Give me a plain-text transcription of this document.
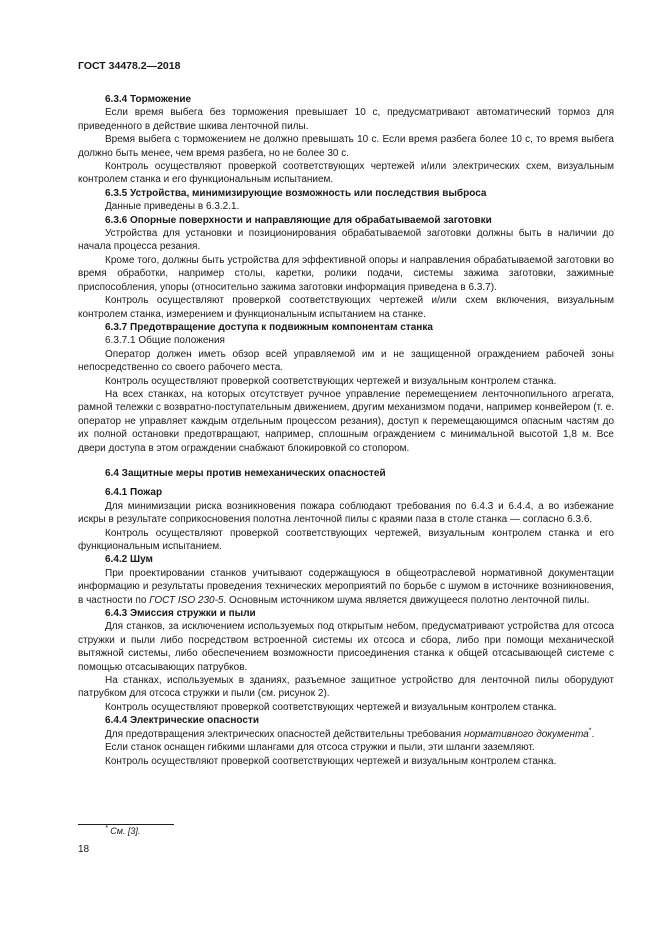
ГОСТ 34478.2—2018

6.3.4 Торможение

Если время выбега без торможения превышает 10 с, предусматривают автоматический тормоз для приведенного в действие шкива ленточной пилы.

Время выбега с торможением не должно превышать 10 с. Если время разбега более 10 с, то время выбега должно быть менее, чем время разбега, но не более 30 с.

Контроль осуществляют проверкой соответствующих чертежей и/или электрических схем, визуальным контролем станка и его функциональным испытанием.

6.3.5 Устройства, минимизирующие возможность или последствия выброса

Данные приведены в 6.3.2.1.

6.3.6 Опорные поверхности и направляющие для обрабатываемой заготовки

Устройства для установки и позиционирования обрабатываемой заготовки должны быть в наличии до начала процесса резания.

Кроме того, должны быть устройства для эффективной опоры и направления обрабатываемой заготовки во время обработки, например столы, каретки, ролики подачи, системы зажима заготовки, зажимные приспособления, упоры (относительно зажима заготовки информация приведена в 6.3.7).

Контроль осуществляют проверкой соответствующих чертежей и/или схем включения, визуальным контролем станка, измерением и функциональным испытанием на станке.

6.3.7 Предотвращение доступа к подвижным компонентам станка

6.3.7.1 Общие положения

Оператор должен иметь обзор всей управляемой им и не защищенной ограждением рабочей зоны непосредственно со своего рабочего места.

Контроль осуществляют проверкой соответствующих чертежей и визуальным контролем станка.

На всех станках, на которых отсутствует ручное управление перемещением ленточнопильного агрегата, рамной тележки с возвратно-поступательным движением, другим механизмом подачи, например конвейером (т. е. оператор не управляет каждым отдельным процессом резания), доступ к перемещающимся опасным частям до их полной остановки предотвращают, например, сплошным ограждением с минимальной высотой 1,8 м. Все двери доступа в этом ограждении снабжают блокировкой со стопором.

6.4 Защитные меры против немеханических опасностей

6.4.1 Пожар

Для минимизации риска возникновения пожара соблюдают требования по 6.4.3 и 6.4.4, а во избежание искры в результате соприкосновения полотна ленточной пилы с краями паза в столе станка — согласно 6.3.6.

Контроль осуществляют проверкой соответствующих чертежей, визуальным контролем станка и его функциональным испытанием.

6.4.2 Шум

При проектировании станков учитывают содержащуюся в общеотраслевой нормативной документации информацию и результаты проведения технических мероприятий по борьбе с шумом в источнике возникновения, в частности по ГОСТ ISO 230-5. Основным источником шума является движущееся полотно ленточной пилы.

6.4.3 Эмиссия стружки и пыли

Для станков, за исключением используемых под открытым небом, предусматривают устройства для отсоса стружки и пыли либо посредством встроенной системы их отсоса и сбора, либо при помощи механической вытяжной системы, либо обеспечением возможности присоединения станка к общей отсасывающей системе с помощью отсасывающих патрубков.

На станках, используемых в зданиях, разъемное защитное устройство для ленточной пилы оборудуют патрубком для отсоса стружки и пыли (см. рисунок 2).

Контроль осуществляют проверкой соответствующих чертежей и визуальным контролем станка.

6.4.4 Электрические опасности

Для предотвращения электрических опасностей действительны требования нормативного документа*.

Если станок оснащен гибкими шлангами для отсоса стружки и пыли, эти шланги заземляют.

Контроль осуществляют проверкой соответствующих чертежей и визуальным контролем станка.

* См. [3].
18
